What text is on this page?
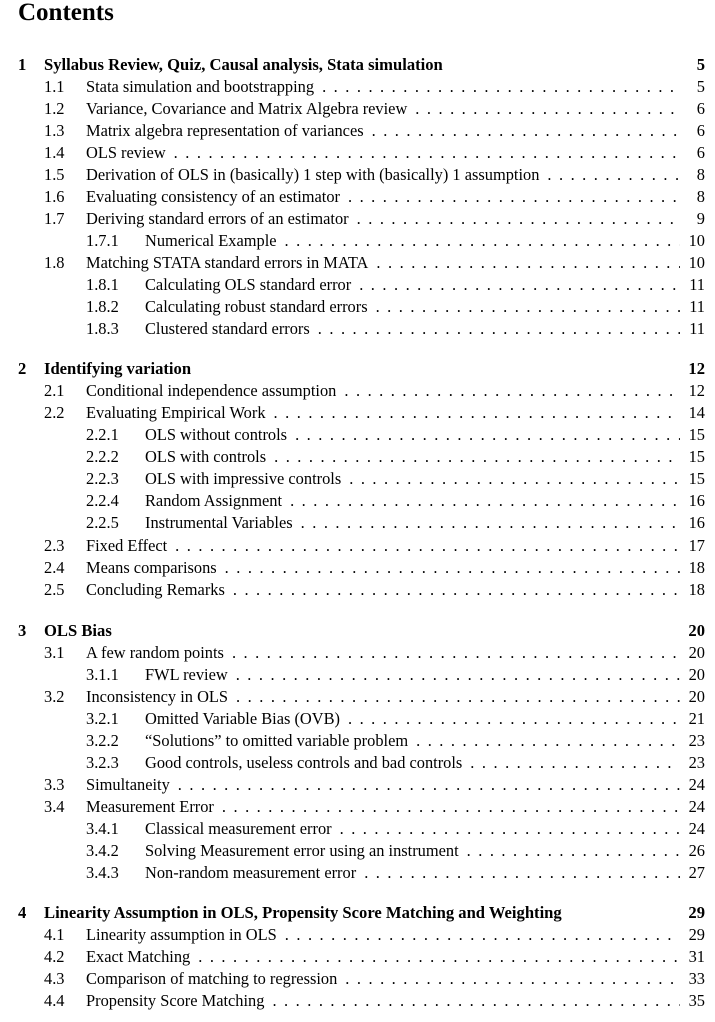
Contents
1 Syllabus Review, Quiz, Causal analysis, Stata simulation	5
1.1 Stata simulation and bootstrapping . . .	5
1.2 Variance, Covariance and Matrix Algebra review . . .	6
1.3 Matrix algebra representation of variances . . .	6
1.4 OLS review . . .	6
1.5 Derivation of OLS in (basically) 1 step with (basically) 1 assumption . . .	8
1.6 Evaluating consistency of an estimator . . .	8
1.7 Deriving standard errors of an estimator . . .	9
1.7.1 Numerical Example . . .	10
1.8 Matching STATA standard errors in MATA . . .	10
1.8.1 Calculating OLS standard error . . .	11
1.8.2 Calculating robust standard errors . . .	11
1.8.3 Clustered standard errors . . .	11
2 Identifying variation	12
2.1 Conditional independence assumption . . .	12
2.2 Evaluating Empirical Work . . .	14
2.2.1 OLS without controls . . .	15
2.2.2 OLS with controls . . .	15
2.2.3 OLS with impressive controls . . .	15
2.2.4 Random Assignment . . .	16
2.2.5 Instrumental Variables . . .	16
2.3 Fixed Effect . . .	17
2.4 Means comparisons . . .	18
2.5 Concluding Remarks . . .	18
3 OLS Bias	20
3.1 A few random points . . .	20
3.1.1 FWL review . . .	20
3.2 Inconsistency in OLS . . .	20
3.2.1 Omitted Variable Bias (OVB) . . .	21
3.2.2 “Solutions” to omitted variable problem . . .	23
3.2.3 Good controls, useless controls and bad controls . . .	23
3.3 Simultaneity . . .	24
3.4 Measurement Error . . .	24
3.4.1 Classical measurement error . . .	24
3.4.2 Solving Measurement error using an instrument . . .	26
3.4.3 Non-random measurement error . . .	27
4 Linearity Assumption in OLS, Propensity Score Matching and Weighting	29
4.1 Linearity assumption in OLS . . .	29
4.2 Exact Matching . . .	31
4.3 Comparison of matching to regression . . .	33
4.4 Propensity Score Matching . . .	35
